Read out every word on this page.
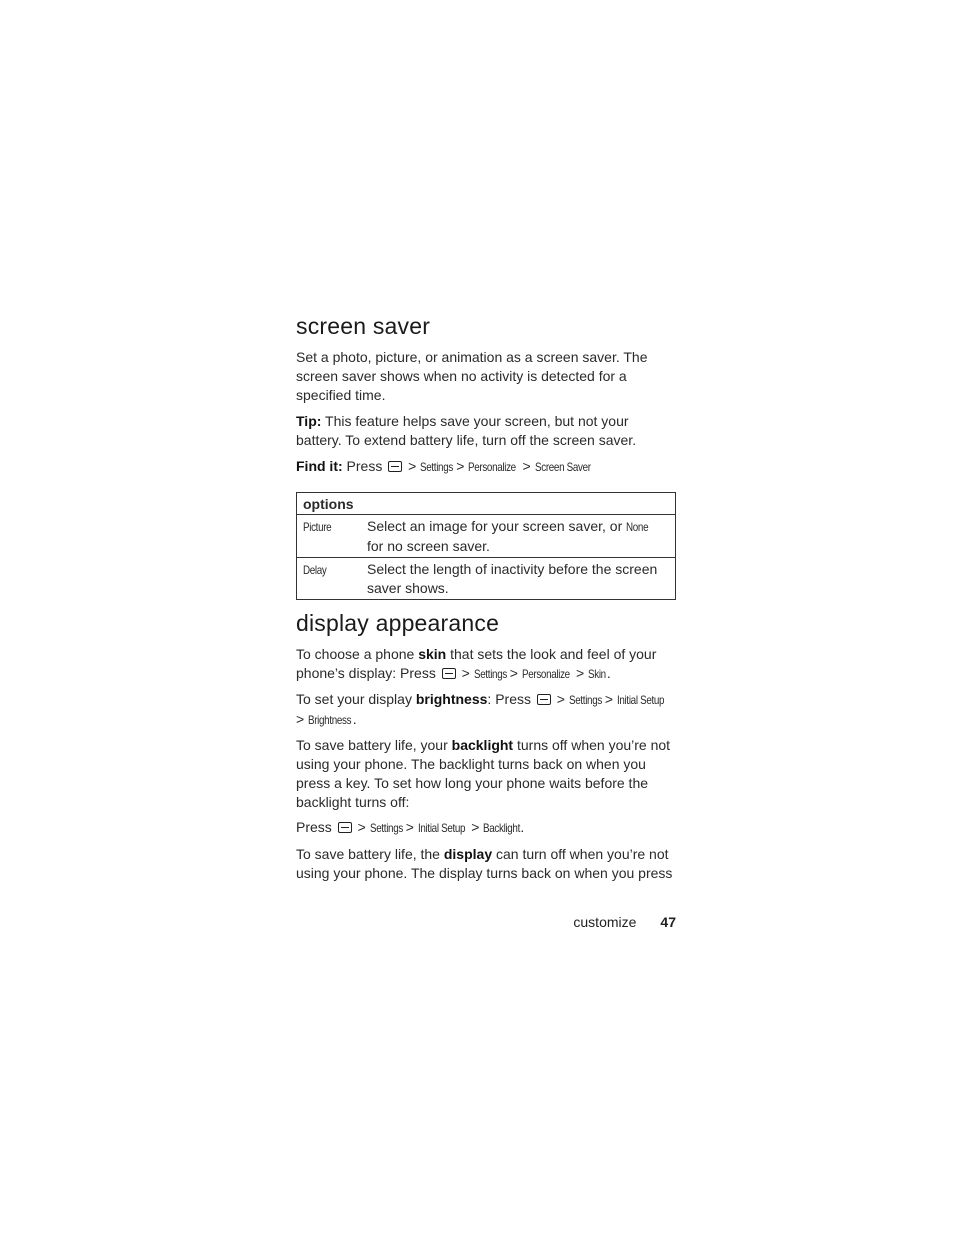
screen saver

Set a photo, picture, or animation as a screen saver. The screen saver shows when no activity is detected for a specified time.

Tip: This feature helps save your screen, but not your battery. To extend battery life, turn off the screen saver.

Find it: Press  > Settings > Personalize > Screen Saver

options	
Picture	Select an image for your screen saver, or None for no screen saver.
Delay	Select the length of inactivity before the screen saver shows.
display appearance

To choose a phone skin that sets the look and feel of your phone’s display: Press  > Settings > Personalize > Skin.

To set your display brightness: Press  > Settings > Initial Setup
> Brightness.

To save battery life, your backlight turns off when you’re not using your phone. The backlight turns back on when you press a key. To set how long your phone waits before the backlight turns off:

Press  > Settings > Initial Setup > Backlight.

To save battery life, the display can turn off when you’re not using your phone. The display turns back on when you press

customize 47
